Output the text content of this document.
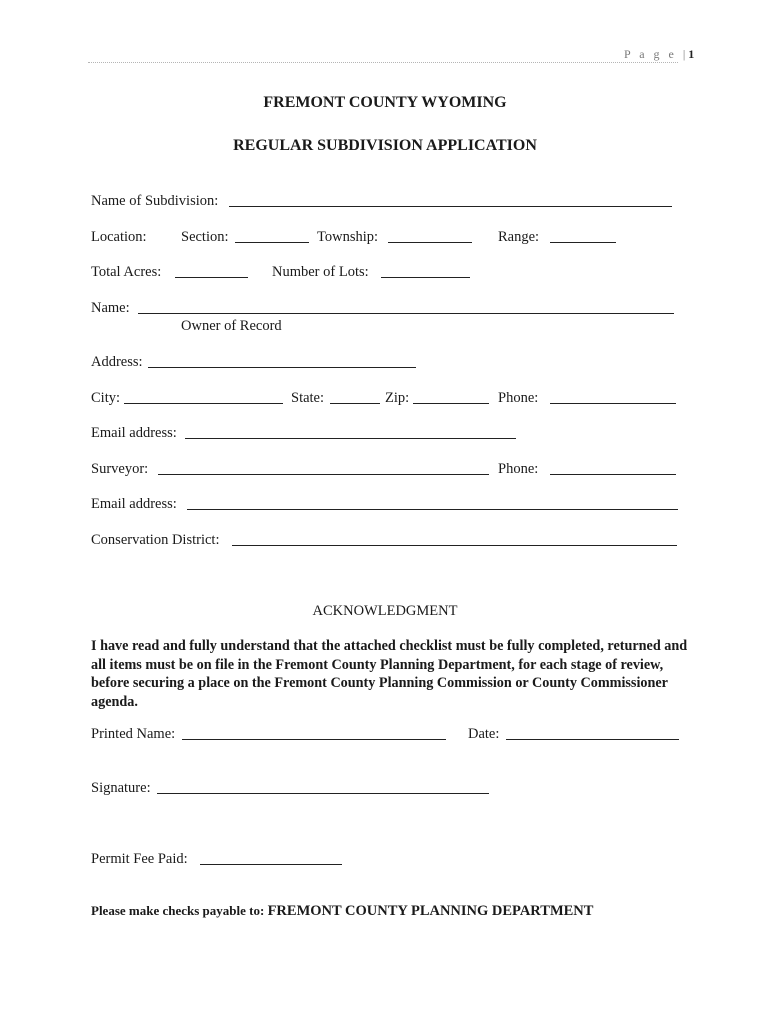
P a g e |1
FREMONT COUNTY WYOMING
REGULAR SUBDIVISION APPLICATION
Name of Subdivision:
Location: Section:	Township:	Range:
Total Acres:	Number of Lots:
Name:
Owner of Record
Address:
City:	State:	Zip:	Phone:
Email address:
Surveyor:	Phone:
Email address:
Conservation District:
ACKNOWLEDGMENT
I have read and fully understand that the attached checklist must be fully completed, returned and all items must be on file in the Fremont County Planning Department, for each stage of review, before securing a place on the Fremont County Planning Commission or County Commissioner agenda.
Printed Name:	Date:
Signature:
Permit Fee Paid:
Please make checks payable to: FREMONT COUNTY PLANNING DEPARTMENT
